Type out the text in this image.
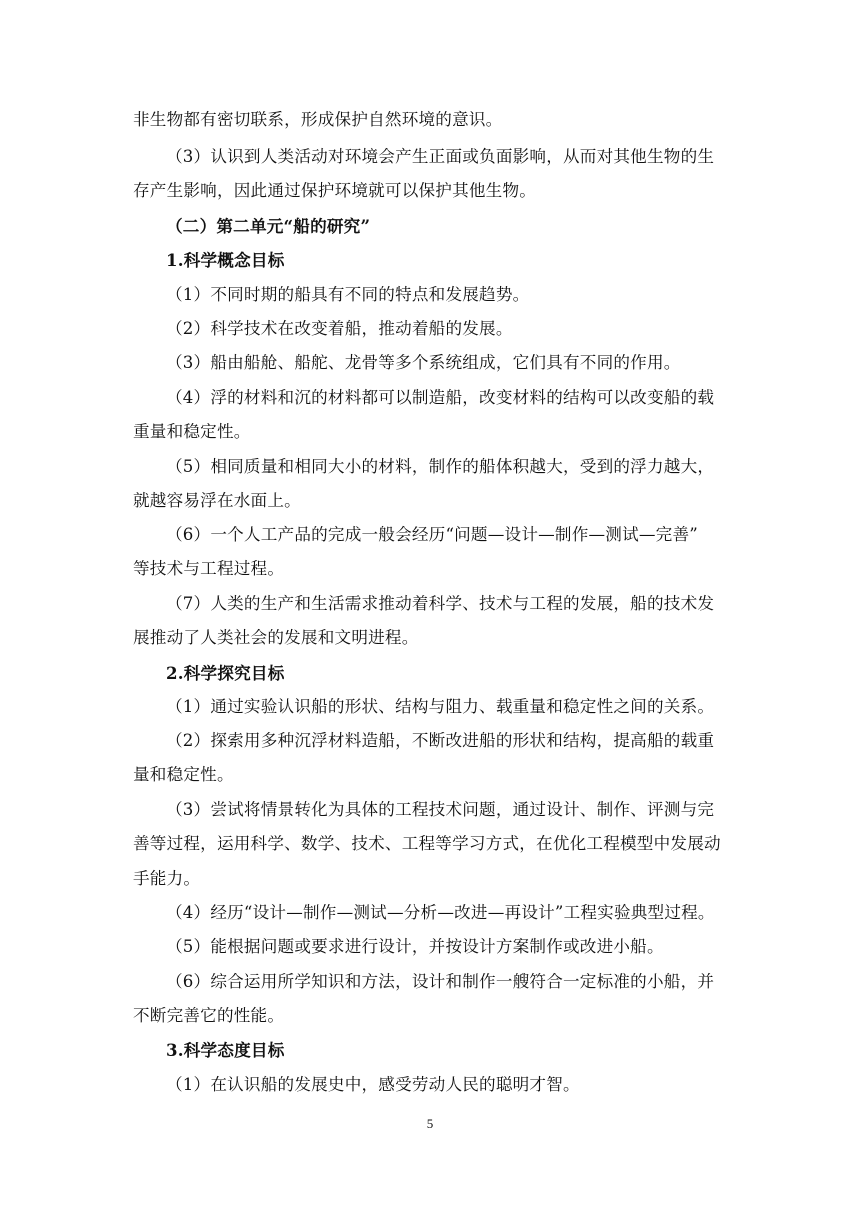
非生物都有密切联系，形成保护自然环境的意识。
（3）认识到人类活动对环境会产生正面或负面影响，从而对其他生物的生
存产生影响，因此通过保护环境就可以保护其他生物。
（二）第二单元“船的研究”
1.科学概念目标
（1）不同时期的船具有不同的特点和发展趋势。
（2）科学技术在改变着船，推动着船的发展。
（3）船由船舱、船舵、龙骨等多个系统组成，它们具有不同的作用。
（4）浮的材料和沉的材料都可以制造船，改变材料的结构可以改变船的载
重量和稳定性。
（5）相同质量和相同大小的材料，制作的船体积越大，受到的浮力越大，
就越容易浮在水面上。
（6）一个人工产品的完成一般会经历“问题—设计—制作—测试—完善”
等技术与工程过程。
（7）人类的生产和生活需求推动着科学、技术与工程的发展，船的技术发
展推动了人类社会的发展和文明进程。
2.科学探究目标
（1）通过实验认识船的形状、结构与阻力、载重量和稳定性之间的关系。
（2）探索用多种沉浮材料造船，不断改进船的形状和结构，提高船的载重
量和稳定性。
（3）尝试将情景转化为具体的工程技术问题，通过设计、制作、评测与完
善等过程，运用科学、数学、技术、工程等学习方式，在优化工程模型中发展动
手能力。
（4）经历“设计—制作—测试—分析—改进—再设计”工程实验典型过程。
（5）能根据问题或要求进行设计，并按设计方案制作或改进小船。
（6）综合运用所学知识和方法，设计和制作一艘符合一定标准的小船，并
不断完善它的性能。
3.科学态度目标
（1）在认识船的发展史中，感受劳动人民的聪明才智。
5
